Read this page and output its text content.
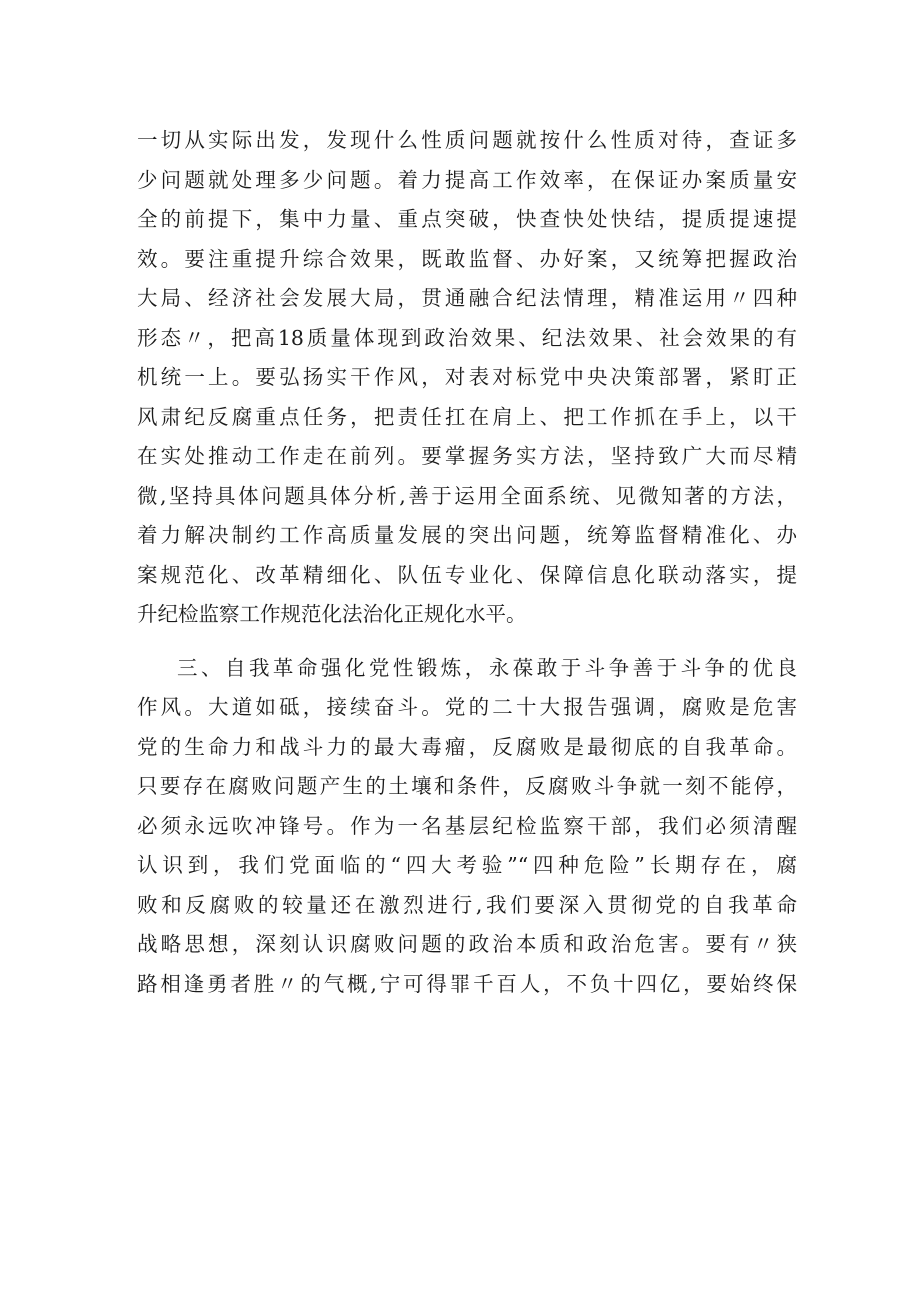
一切从实际出发，发现什么性质问题就按什么性质对待，查证多
少问题就处理多少问题。着力提高工作效率，在保证办案质量安
全的前提下，集中力量、重点突破，快查快处快结，提质提速提
效。要注重提升综合效果，既敢监督、办好案，又统筹把握政治
大局、经济社会发展大局，贯通融合纪法情理，精准运用〃四种
形态〃，把高18质量体现到政治效果、纪法效果、社会效果的有
机统一上。要弘扬实干作风，对表对标党中央决策部署，紧盯正
风肃纪反腐重点任务，把责任扛在肩上、把工作抓在手上，以干
在实处推动工作走在前列。要掌握务实方法，坚持致广大而尽精
微,坚持具体问题具体分析,善于运用全面系统、见微知著的方法，
着力解决制约工作高质量发展的突出问题，统筹监督精准化、办
案规范化、改革精细化、队伍专业化、保障信息化联动落实，提
升纪检监察工作规范化法治化正规化水平。
三、自我革命强化党性锻炼，永葆敢于斗争善于斗争的优良
作风。大道如砥，接续奋斗。党的二十大报告强调，腐败是危害
党的生命力和战斗力的最大毒瘤，反腐败是最彻底的自我革命。
只要存在腐败问题产生的土壤和条件，反腐败斗争就一刻不能停，
必须永远吹冲锋号。作为一名基层纪检监察干部，我们必须清醒
认识到，我们党面临的“四大考验”“四种危险”长期存在，腐
败和反腐败的较量还在激烈进行,我们要深入贯彻党的自我革命
战略思想，深刻认识腐败问题的政治本质和政治危害。要有〃狭
路相逢勇者胜〃的气概,宁可得罪千百人，不负十四亿，要始终保
